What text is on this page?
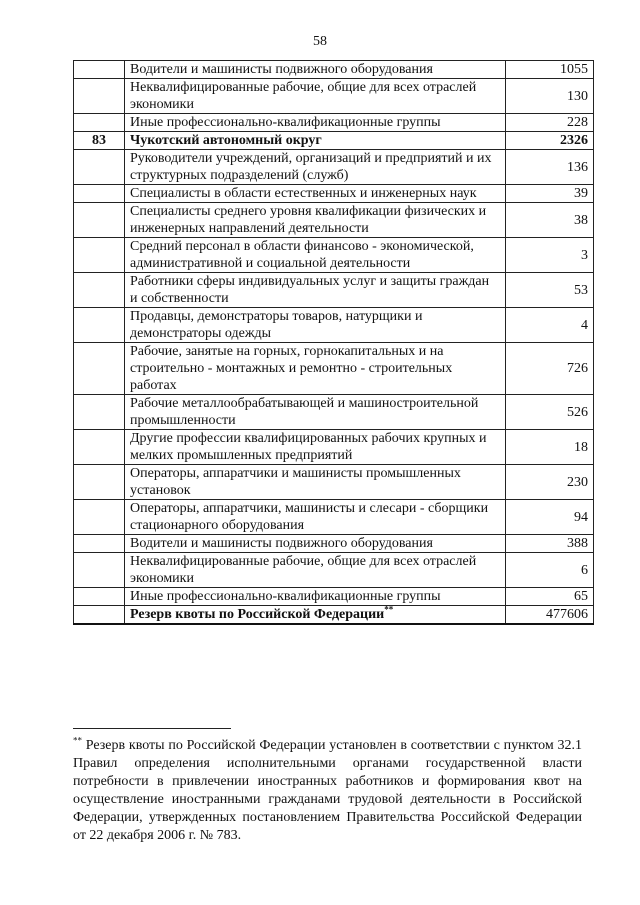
58
	Водители и машинисты подвижного оборудования	1055
	Неквалифицированные рабочие, общие для всех отраслей экономики	130
	Иные профессионально-квалификационные группы	228
83	Чукотский автономный округ	2326
	Руководители учреждений, организаций и предприятий и их структурных подразделений (служб)	136
	Специалисты в области естественных и инженерных наук	39
	Специалисты среднего уровня квалификации физических и инженерных направлений деятельности	38
	Средний персонал в области финансово - экономической, административной и социальной деятельности	3
	Работники сферы индивидуальных услуг и защиты граждан и собственности	53
	Продавцы, демонстраторы товаров, натурщики и демонстраторы одежды	4
	Рабочие, занятые на горных, горнокапитальных и на строительно - монтажных и ремонтно - строительных работах	726
	Рабочие металлообрабатывающей и машиностроительной промышленности	526
	Другие профессии квалифицированных рабочих крупных и мелких промышленных предприятий	18
	Операторы, аппаратчики и машинисты промышленных установок	230
	Операторы, аппаратчики, машинисты и слесари - сборщики стационарного оборудования	94
	Водители и машинисты подвижного оборудования	388
	Неквалифицированные рабочие, общие для всех отраслей экономики	6
	Иные профессионально-квалификационные группы	65
	Резерв квоты по Российской Федерации**	477606
** Резерв квоты по Российской Федерации установлен в соответствии с пунктом 32.1 Правил определения исполнительными органами государственной власти потребности в привлечении иностранных работников и формирования квот на осуществление иностранными гражданами трудовой деятельности в Российской Федерации, утвержденных постановлением Правительства Российской Федерации от 22 декабря 2006 г. № 783.
